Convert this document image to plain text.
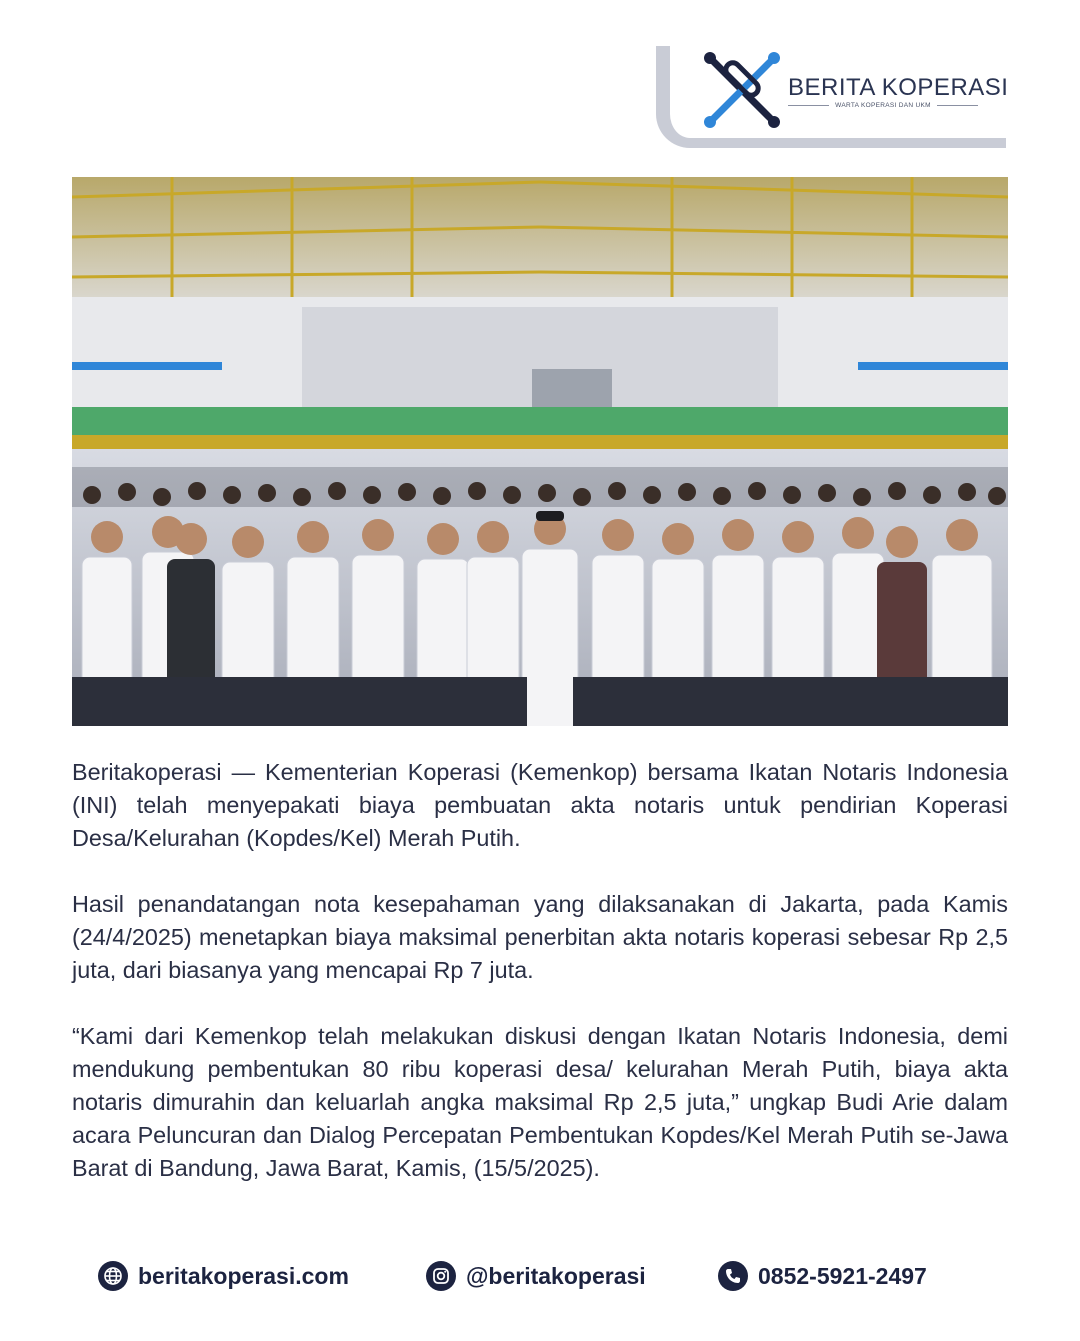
BERITA KOPERASI
WARTA KOPERASI DAN UKM

Beritakoperasi — Kementerian Koperasi (Kemenkop) bersama Ikatan Notaris Indonesia (INI) telah menyepakati biaya pembuatan akta notaris untuk pendirian Koperasi Desa/Kelurahan (Kopdes/Kel) Merah Putih.

Hasil penandatangan nota kesepahaman yang dilaksanakan di Jakarta, pada Kamis (24/4/2025) menetapkan biaya maksimal penerbitan akta notaris koperasi sebesar Rp 2,5 juta, dari biasanya yang mencapai Rp 7 juta.

“Kami dari Kemenkop telah melakukan diskusi dengan Ikatan Notaris Indonesia, demi mendukung pembentukan 80 ribu koperasi desa/ kelurahan Merah Putih, biaya akta notaris dimurahin dan keluarlah angka maksimal Rp 2,5 juta,” ungkap Budi Arie dalam acara Peluncuran dan Dialog Percepatan Pembentukan Kopdes/Kel Merah Putih se-Jawa Barat di Bandung, Jawa Barat, Kamis, (15/5/2025).

beritakoperasi.com	@beritakoperasi	0852-5921-2497
